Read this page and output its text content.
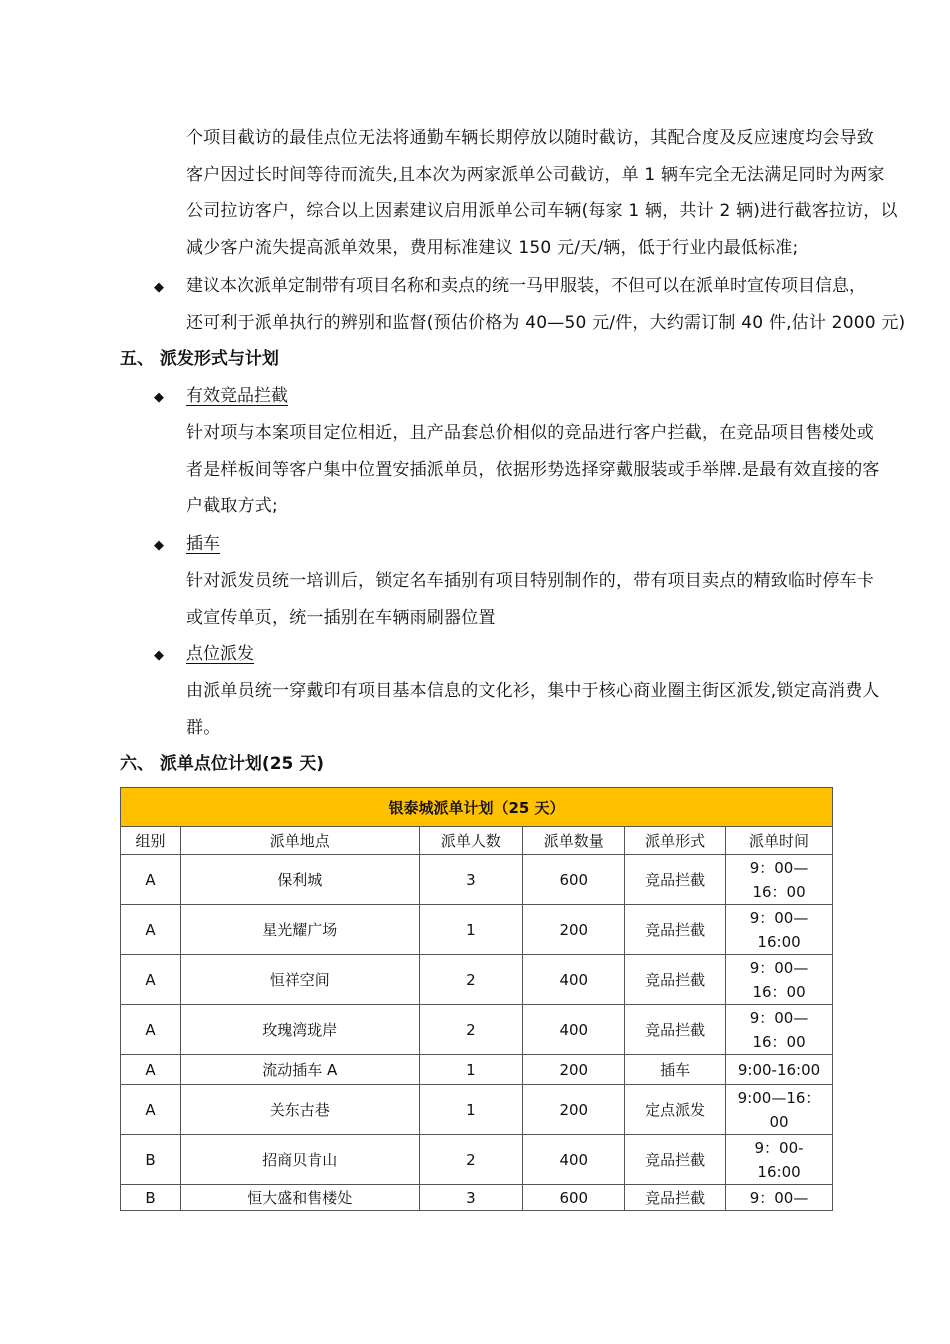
个项目截访的最佳点位无法将通勤车辆长期停放以随时截访，其配合度及反应速度均会导致
客户因过长时间等待而流失,且本次为两家派单公司截访，单 1 辆车完全无法满足同时为两家
公司拉访客户，综合以上因素建议启用派单公司车辆(每家 1 辆，共计 2 辆)进行截客拉访，以
减少客户流失提高派单效果，费用标准建议 150 元/天/辆，低于行业内最低标准;
◆ 建议本次派单定制带有项目名称和卖点的统一马甲服装，不但可以在派单时宣传项目信息，
还可利于派单执行的辨别和监督(预估价格为 40—50 元/件，大约需订制 40 件,估计 2000 元)
五、 派发形式与计划
◆ 有效竞品拦截
针对项与本案项目定位相近，且产品套总价相似的竞品进行客户拦截，在竞品项目售楼处或
者是样板间等客户集中位置安插派单员，依据形势选择穿戴服装或手举牌.是最有效直接的客
户截取方式;
◆ 插车
针对派发员统一培训后，锁定名车插别有项目特别制作的，带有项目卖点的精致临时停车卡
或宣传单页，统一插别在车辆雨刷器位置
◆ 点位派发
由派单员统一穿戴印有项目基本信息的文化衫，集中于核心商业圈主街区派发,锁定高消费人
群。
六、 派单点位计划(25 天)
银泰城派单计划（25 天）					
组别	派单地点	派单人数	派单数量	派单形式	派单时间
A	保利城	3	600	竞品拦截	9：00—
16：00

A	星光耀广场	1	200	竞品拦截	9：00—
16:00

A	恒祥空间	2	400	竞品拦截	9：00—
16：00

A	玫瑰湾珑岸	2	400	竞品拦截	9：00—
16：00

A	流动插车 A	1	200	插车	9:00-16:00

A	关东古巷	1	200	定点派发	9:00—16：
00

B	招商贝肯山	2	400	竞品拦截	9：00-
16:00

B	恒大盛和售楼处	3	600	竞品拦截	9：00—
